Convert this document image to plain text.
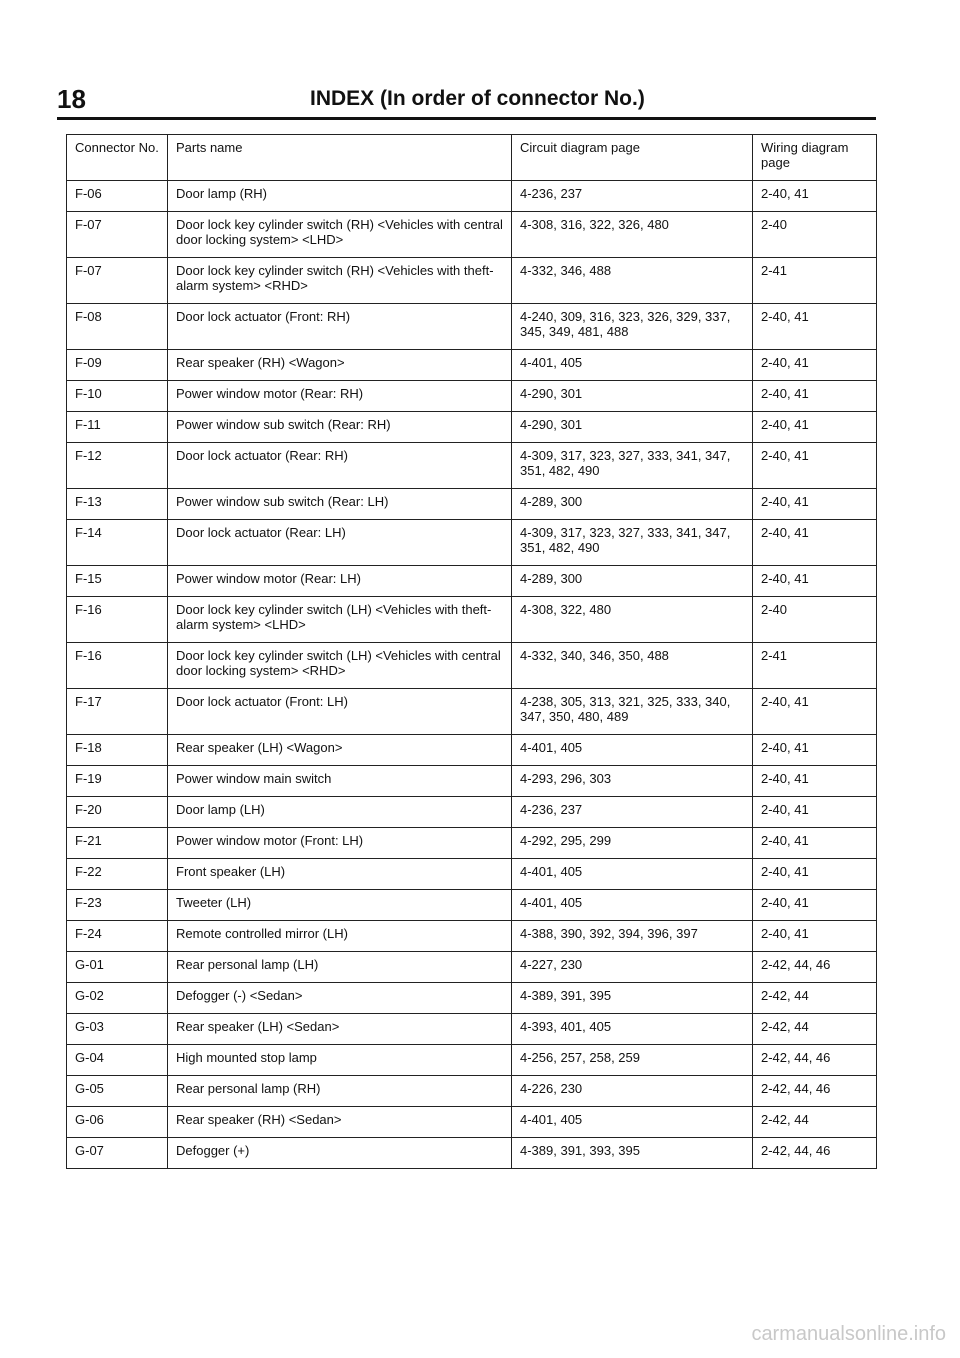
18	INDEX (In order of connector No.)
Connector No.	Parts name	Circuit diagram page	Wiring diagram page
F-06	Door lamp (RH)	4-236, 237	2-40, 41
F-07	Door lock key cylinder switch (RH) <Vehicles with central door locking system> <LHD>	4-308, 316, 322, 326, 480	2-40
F-07	Door lock key cylinder switch (RH) <Vehicles with theft-alarm system> <RHD>	4-332, 346, 488	2-41
F-08	Door lock actuator (Front: RH)	4-240, 309, 316, 323, 326, 329, 337, 345, 349, 481, 488	2-40, 41
F-09	Rear speaker (RH) <Wagon>	4-401, 405	2-40, 41
F-10	Power window motor (Rear: RH)	4-290, 301	2-40, 41
F-11	Power window sub switch (Rear: RH)	4-290, 301	2-40, 41
F-12	Door lock actuator (Rear: RH)	4-309, 317, 323, 327, 333, 341, 347, 351, 482, 490	2-40, 41
F-13	Power window sub switch (Rear: LH)	4-289, 300	2-40, 41
F-14	Door lock actuator (Rear: LH)	4-309, 317, 323, 327, 333, 341, 347, 351, 482, 490	2-40, 41
F-15	Power window motor (Rear: LH)	4-289, 300	2-40, 41
F-16	Door lock key cylinder switch (LH) <Vehicles with theft-alarm system> <LHD>	4-308, 322, 480	2-40
F-16	Door lock key cylinder switch (LH) <Vehicles with central door locking system> <RHD>	4-332, 340, 346, 350, 488	2-41
F-17	Door lock actuator (Front: LH)	4-238, 305, 313, 321, 325, 333, 340, 347, 350, 480, 489	2-40, 41
F-18	Rear speaker (LH) <Wagon>	4-401, 405	2-40, 41
F-19	Power window main switch	4-293, 296, 303	2-40, 41
F-20	Door lamp (LH)	4-236, 237	2-40, 41
F-21	Power window motor (Front: LH)	4-292, 295, 299	2-40, 41
F-22	Front speaker (LH)	4-401, 405	2-40, 41
F-23	Tweeter (LH)	4-401, 405	2-40, 41
F-24	Remote controlled mirror (LH)	4-388, 390, 392, 394, 396, 397	2-40, 41
G-01	Rear personal lamp (LH)	4-227, 230	2-42, 44, 46
G-02	Defogger (-) <Sedan>	4-389, 391, 395	2-42, 44
G-03	Rear speaker (LH) <Sedan>	4-393, 401, 405	2-42, 44
G-04	High mounted stop lamp	4-256, 257, 258, 259	2-42, 44, 46
G-05	Rear personal lamp (RH)	4-226, 230	2-42, 44, 46
G-06	Rear speaker (RH) <Sedan>	4-401, 405	2-42, 44
G-07	Defogger (+)	4-389, 391, 393, 395	2-42, 44, 46
carmanualsonline.info
